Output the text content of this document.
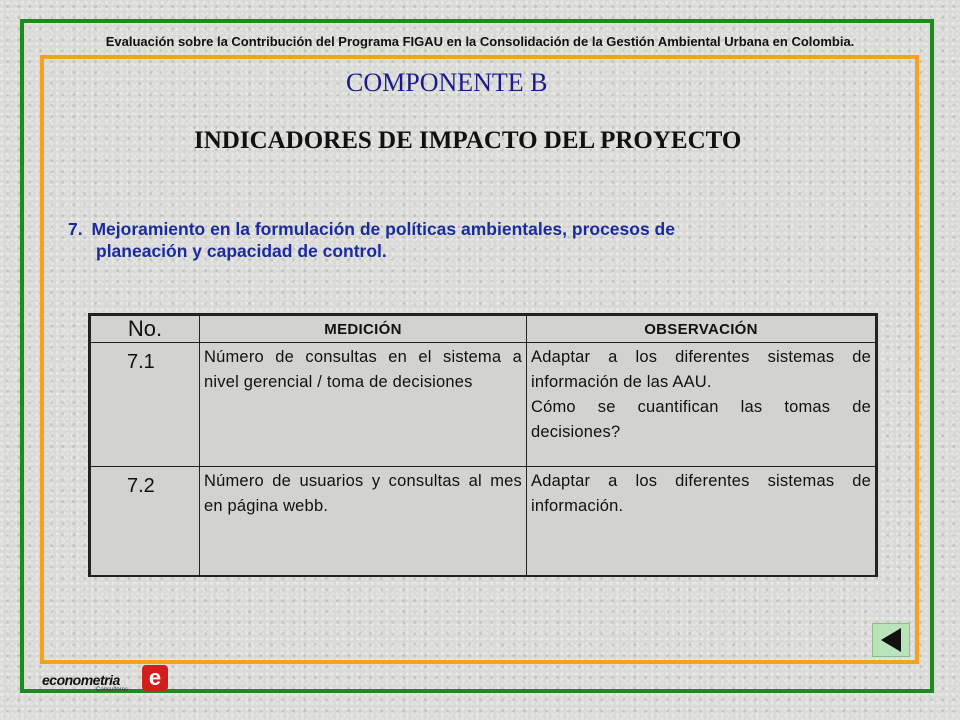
Evaluación sobre la Contribución del Programa FIGAU en la Consolidación de la Gestión Ambiental Urbana en Colombia.
COMPONENTE B
INDICADORES DE IMPACTO DEL PROYECTO
7. Mejoramiento en la formulación de políticas ambientales, procesos de
planeación y capacidad de control.
No.	MEDICIÓN	OBSERVACIÓN
7.1	Número de consultas en el sistema a nivel gerencial / toma de decisiones	Adaptar a los diferentes sistemas de información de las AAU.
Cómo se cuantifican las tomas de decisiones?

7.2	Número de usuarios y consultas al mes en página webb.	Adaptar a los diferentes sistemas de información.
econometria
Consultores e
